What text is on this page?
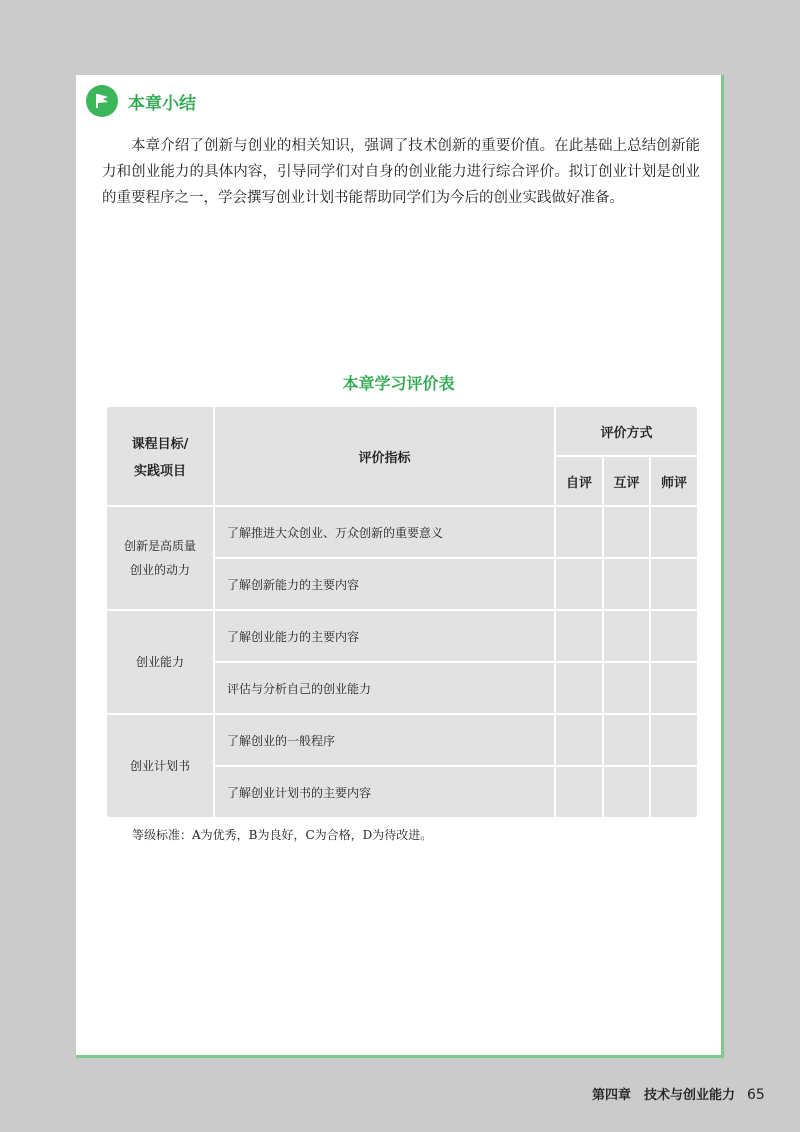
本章小结

本章介绍了创新与创业的相关知识，强调了技术创新的重要价值。在此基础上总结创新能力和创业能力的具体内容，引导同学们对自身的创业能力进行综合评价。拟订创业计划是创业的重要程序之一，学会撰写创业计划书能帮助同学们为今后的创业实践做好准备。

本章学习评价表
课程目标/
实践项目	评价指标	评价方式		
		自评	互评	师评

创新是高质量
创业的动力	了解推进大众创业、万众创新的重要意义			
	了解创新能力的主要内容			
创业能力	了解创业能力的主要内容			
	评估与分析自己的创业能力			
创业计划书	了解创业的一般程序			
	了解创业计划书的主要内容			
等级标准：A为优秀，B为良好，C为合格，D为待改进。
第四章　技术与创业能力 65
